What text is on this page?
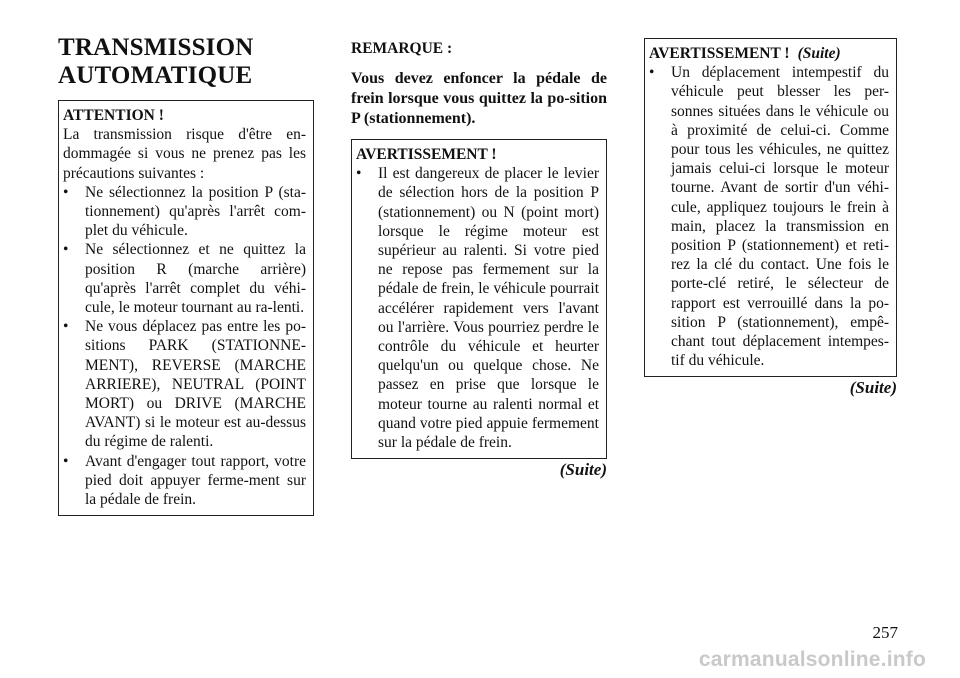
TRANSMISSION
AUTOMATIQUE
ATTENTION !
La transmission risque d'être en-dommagée si vous ne prenez pas les précautions suivantes :
• Ne sélectionnez la position P (sta-tionnement) qu'après l'arrêt com-plet du véhicule.
• Ne sélectionnez et ne quittez la position R (marche arrière) qu'après l'arrêt complet du véhi-cule, le moteur tournant au ra-lenti.
• Ne vous déplacez pas entre les po-sitions PARK (STATIONNE-MENT), REVERSE (MARCHE ARRIERE), NEUTRAL (POINT MORT) ou DRIVE (MARCHE AVANT) si le moteur est au-dessus du régime de ralenti.
• Avant d'engager tout rapport, votre pied doit appuyer ferme-ment sur la pédale de frein.
REMARQUE :
Vous devez enfoncer la pédale de frein lorsque vous quittez la po-sition P (stationnement).
AVERTISSEMENT !
• Il est dangereux de placer le levier de sélection hors de la position P (stationnement) ou N (point mort) lorsque le régime moteur est supérieur au ralenti. Si votre pied ne repose pas fermement sur la pédale de frein, le véhicule pourrait accélérer rapidement vers l'avant ou l'arrière. Vous pourriez perdre le contrôle du véhicule et heurter quelqu'un ou quelque chose. Ne passez en prise que lorsque le moteur tourne au ralenti normal et quand votre pied appuie fermement sur la pédale de frein.
(Suite)
AVERTISSEMENT ! (Suite)
• Un déplacement intempestif du véhicule peut blesser les per-sonnes situées dans le véhicule ou à proximité de celui-ci. Comme pour tous les véhicules, ne quittez jamais celui-ci lorsque le moteur tourne. Avant de sortir d'un véhi-cule, appliquez toujours le frein à main, placez la transmission en position P (stationnement) et reti-rez la clé du contact. Une fois le porte-clé retiré, le sélecteur de rapport est verrouillé dans la po-sition P (stationnement), empê-chant tout déplacement intempes-tif du véhicule.
(Suite)
257
carmanualsonline.info
